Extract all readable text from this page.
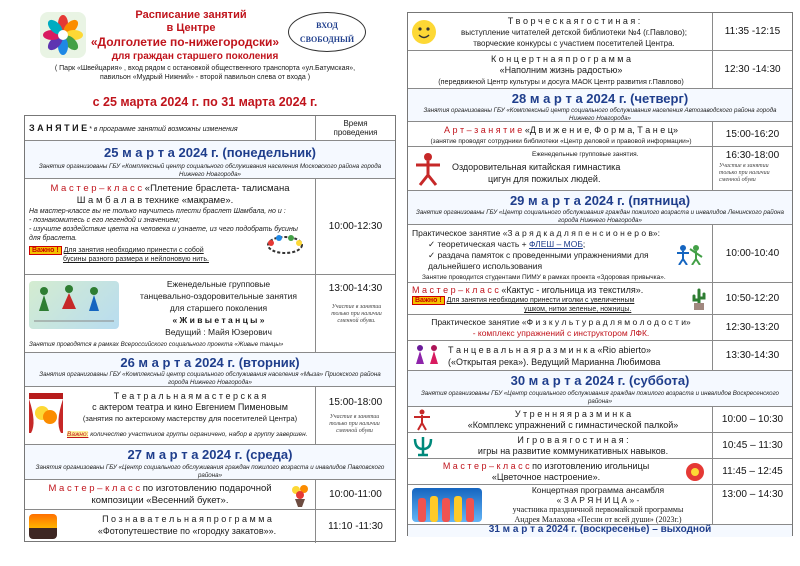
Расписание занятий
в Центре
«Долголетие по-нижегородски»
для граждан старшего поколения
( Парк «Швейцария» , вход рядом с остановкой общественного транспорта «ул.Батумская»,
павильон «Мудрый Нижний» - второй павильон слева от входа )
ВХОД
СВОБОДНЫЙ
с 25 марта 2024 г. по 31 марта 2024 г.
З А Н Я Т И Е * в программе занятий возможны изменения
Время
проведения
25 м а р т а 2024 г. (понедельник)
Занятия организованы ГБУ «Комплексный центр социального обслуживания населения Московского района города Нижнего Новгорода»
М а с т е р – к л а с с «Плетение браслета- талисмана
Ш а м б а л а в технике «макраме».
На мастер-классе вы не только научитесь плести браслет Шамбала, но и :
- познакомитесь с его легендой и значением;
- изучите воздействие цвета на человека и узнаете, из чего подобрать бусины для браслета.
Важно ! Для занятия необходимо принести с собой
бусины разного размера и нейлоновую нить.
10:00-12:30
Еженедельные групповые
танцевально-оздоровительные занятия
для старшего поколения
« Ж и в ы е т а н ц ы »
Ведущий : Майя Юзерович
Занятия проводятся в рамках Всероссийского социального проекта «Живые танцы»
13:00-14:30
Участие в занятии только при наличии сменной обуви.
26 м а р т а 2024 г. (вторник)
Занятия организованы ГБУ «Комплексный центр социального обслуживания населения «Мыза» Приокского района города Нижнего Новгорода»
Т е а т р а л ь н а я м а с т е р с к а я
с актером театра и кино Евгением Пименовым
(занятия по актерскому мастерству для посетителей Центра)
Важно: количество участников группы ограничено, набор в группу завершен.
15:00-18:00
Участие в занятии только при наличии сменной обуви
27 м а р т а 2024 г. (среда)
Занятия организованы ГБУ «Центр социального обслуживания граждан пожилого возраста и инвалидов Павловского района»
М а с т е р – к л а с с по изготовлению подарочной
композиции «Весенний букет».
10:00-11:00
П о з н а в а т е л ь н а я п р о г р а м м а
«Фотопутешествие по «городку закатов»».	11:10 -11:30
Т в о р ч е с к а я г о с т и н а я :
выступление читателей детской библиотеки №4 (г.Павлово);
творческие конкурсы с участием посетителей Центра.
11:35 -12:15
К о н ц е р т н а я п р о г р а м м а
«Наполним жизнь радостью»
(передвижной Центр культуры и досуга МАОК Центр развития г.Павлово)
12:30 -14:30
28 м а р т а 2024 г. (четверг)
Занятия организованы ГБУ «Комплексный центр социального обслуживания населения Автозаводского района города Нижнего Новгорода»
А р т – з а н я т и е «Д в и ж е н и е, Ф о р м а, Т а н е ц»
(занятие проводят сотрудники библиотеки «Центр деловой и правовой информации»)
15:00-16:20
Еженедельные групповые занятия.
Оздоровительная китайская гимнастика
цигун для пожилых людей.
16:30-18:00
Участие в занятии только при наличии сменной обуви
29 м а р т а 2024 г. (пятница)
Занятия организованы ГБУ «Центр социального обслуживания граждан пожилого возраста и инвалидов Ленинского района города Нижнего Новгорода»
Практическое занятие «З а р я д к а д л я п е н с и о н е р о в»:
✓ теоретическая часть + ФЛЕШ – МОБ;
✓ раздача памяток с проведенными упражнениями для дальнейшего использования
Занятие проводится студентами ПИМУ в рамках проекта «Здоровая привычка».
10:00-10:40
М а с т е р – к л а с с «Кактус - игольница из текстиля».
Важно ! Для занятия необходимо принести иголки с увеличенным
ушком, нитки зеленые, ножницы.
10:50-12:20
Практическое занятие «Ф и з к у л ь т у р а д л я м о л о д о с т и»
- комплекс упражнений с инструктором ЛФК.	12:30-13:20
Т а н ц е в а л ь н а я р а з м и н к а «Rio abierto»
(«Открытая река»). Ведущий Марианна Любимова
13:30-14:30
30 м а р т а 2024 г. (суббота)
Занятия организованы ГБУ «Центр социального обслуживания граждан пожилого возраста и инвалидов Воскресенского района»
У т р е н н я я р а з м и н к а
«Комплекс упражнений с гимнастической палкой»	10:00 – 10:30
И г р о в а я г о с т и н а я :
игры на развитие коммуникативных навыков.	10:45 – 11:30
М а с т е р – к л а с с по изготовлению игольницы
«Цветочное настроение».	11:45 – 12:45
Концертная программа ансамбля
« З А Р Я Н И Ц А » -
участника праздничной первомайской программы
Андрея Малахова «Песни от всей души» (2023г.)
13:00 – 14:30
31 м а р т а 2024 г. (воскресенье) – выходной
